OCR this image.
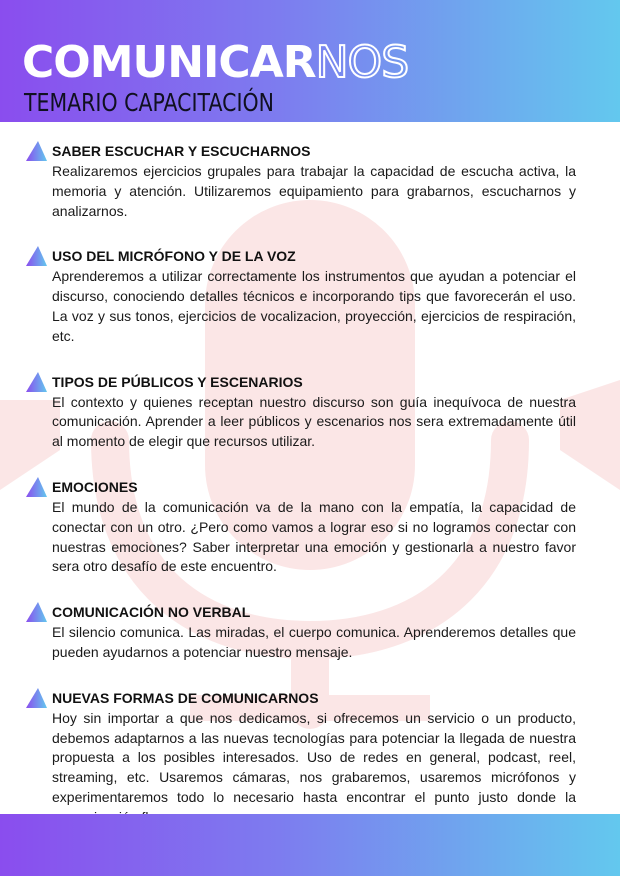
COMUNICARNOS
TEMARIO CAPACITACIÓN
SABER ESCUCHAR Y ESCUCHARNOS
Realizaremos ejercicios grupales para trabajar la capacidad de escucha activa, la memoria y atención. Utilizaremos equipamiento para grabarnos, escucharnos y analizarnos.
USO DEL MICRÓFONO Y DE LA VOZ
Aprenderemos a utilizar correctamente los instrumentos que ayudan a potenciar el discurso, conociendo detalles técnicos e incorporando tips que favorecerán el uso. La voz y sus tonos, ejercicios de vocalizacion, proyección, ejercicios de respiración, etc.
TIPOS DE PÚBLICOS Y ESCENARIOS
El contexto y quienes receptan nuestro discurso son guía inequívoca de nuestra comunicación. Aprender a leer públicos y escenarios nos sera extremadamente útil al momento de elegir que recursos utilizar.
EMOCIONES
El mundo de la comunicación va de la mano con la empatía, la capacidad de conectar con un otro. ¿Pero como vamos a lograr eso si no logramos conectar con nuestras emociones? Saber interpretar una emoción y gestionarla a nuestro favor sera otro desafío de este encuentro.
COMUNICACIÓN NO VERBAL
El silencio comunica. Las miradas, el cuerpo comunica. Aprenderemos detalles que pueden ayudarnos a potenciar nuestro mensaje.
NUEVAS FORMAS DE COMUNICARNOS
Hoy sin importar a que nos dedicamos, si ofrecemos un servicio o un producto, debemos adaptarnos a las nuevas tecnologías para potenciar la llegada de nuestra propuesta a los posibles interesados. Uso de redes en general, podcast, reel, streaming, etc. Usaremos cámaras, nos grabaremos, usaremos micrófonos y experimentaremos todo lo necesario hasta encontrar el punto justo donde la
